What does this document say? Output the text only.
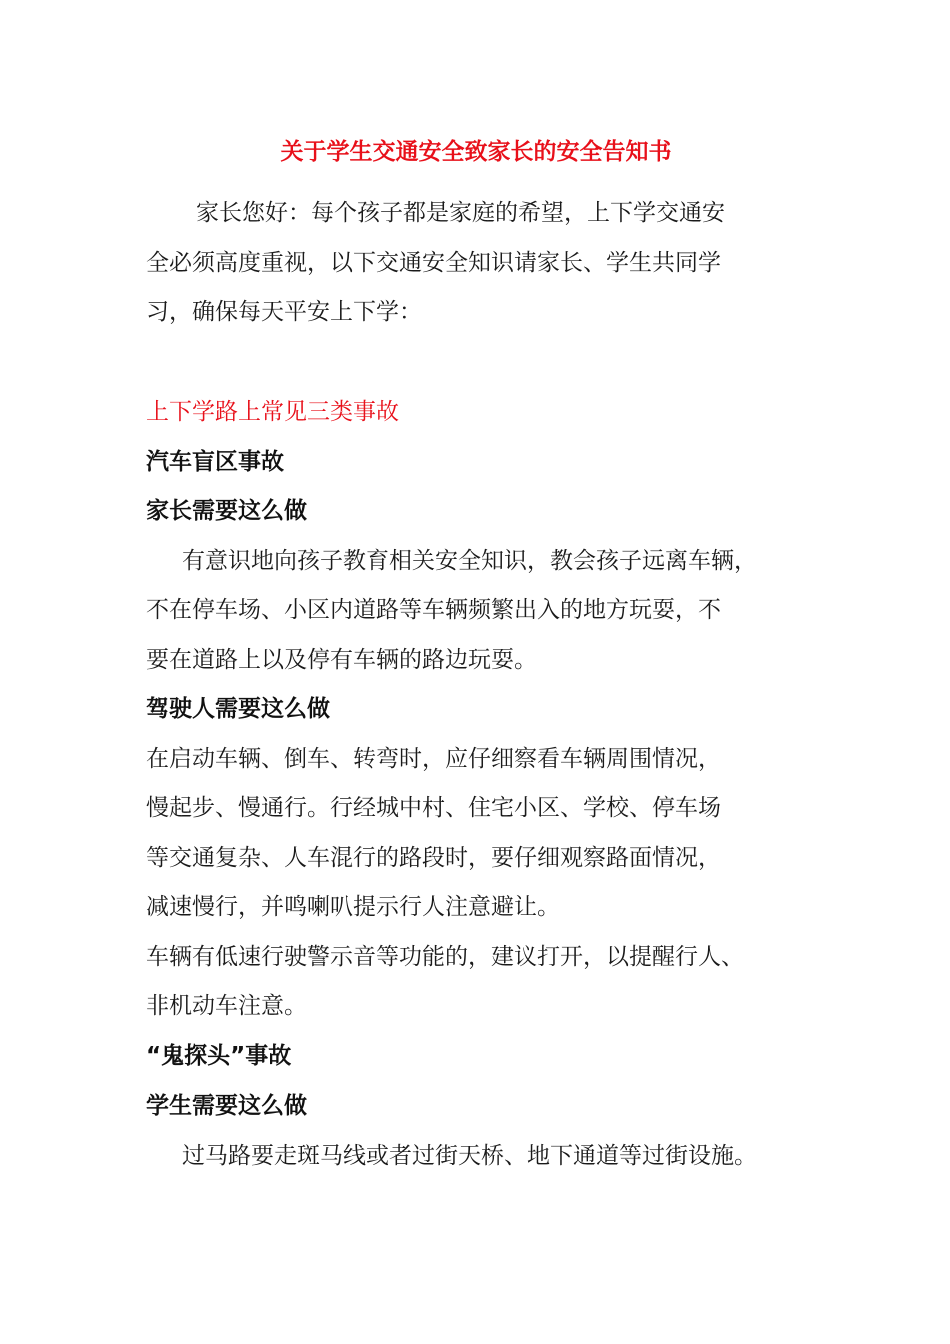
关于学生交通安全致家长的安全告知书
家长您好：每个孩子都是家庭的希望，上下学交通安
全必须高度重视，以下交通安全知识请家长、学生共同学
习，确保每天平安上下学：
上下学路上常见三类事故
汽车盲区事故
家长需要这么做
有意识地向孩子教育相关安全知识，教会孩子远离车辆，
不在停车场、小区内道路等车辆频繁出入的地方玩耍，不
要在道路上以及停有车辆的路边玩耍。
驾驶人需要这么做
在启动车辆、倒车、转弯时，应仔细察看车辆周围情况，
慢起步、慢通行。行经城中村、住宅小区、学校、停车场
等交通复杂、人车混行的路段时，要仔细观察路面情况，
减速慢行，并鸣喇叭提示行人注意避让。
车辆有低速行驶警示音等功能的，建议打开，以提醒行人、
非机动车注意。
“鬼探头”事故
学生需要这么做
过马路要走斑马线或者过街天桥、地下通道等过街设施。
